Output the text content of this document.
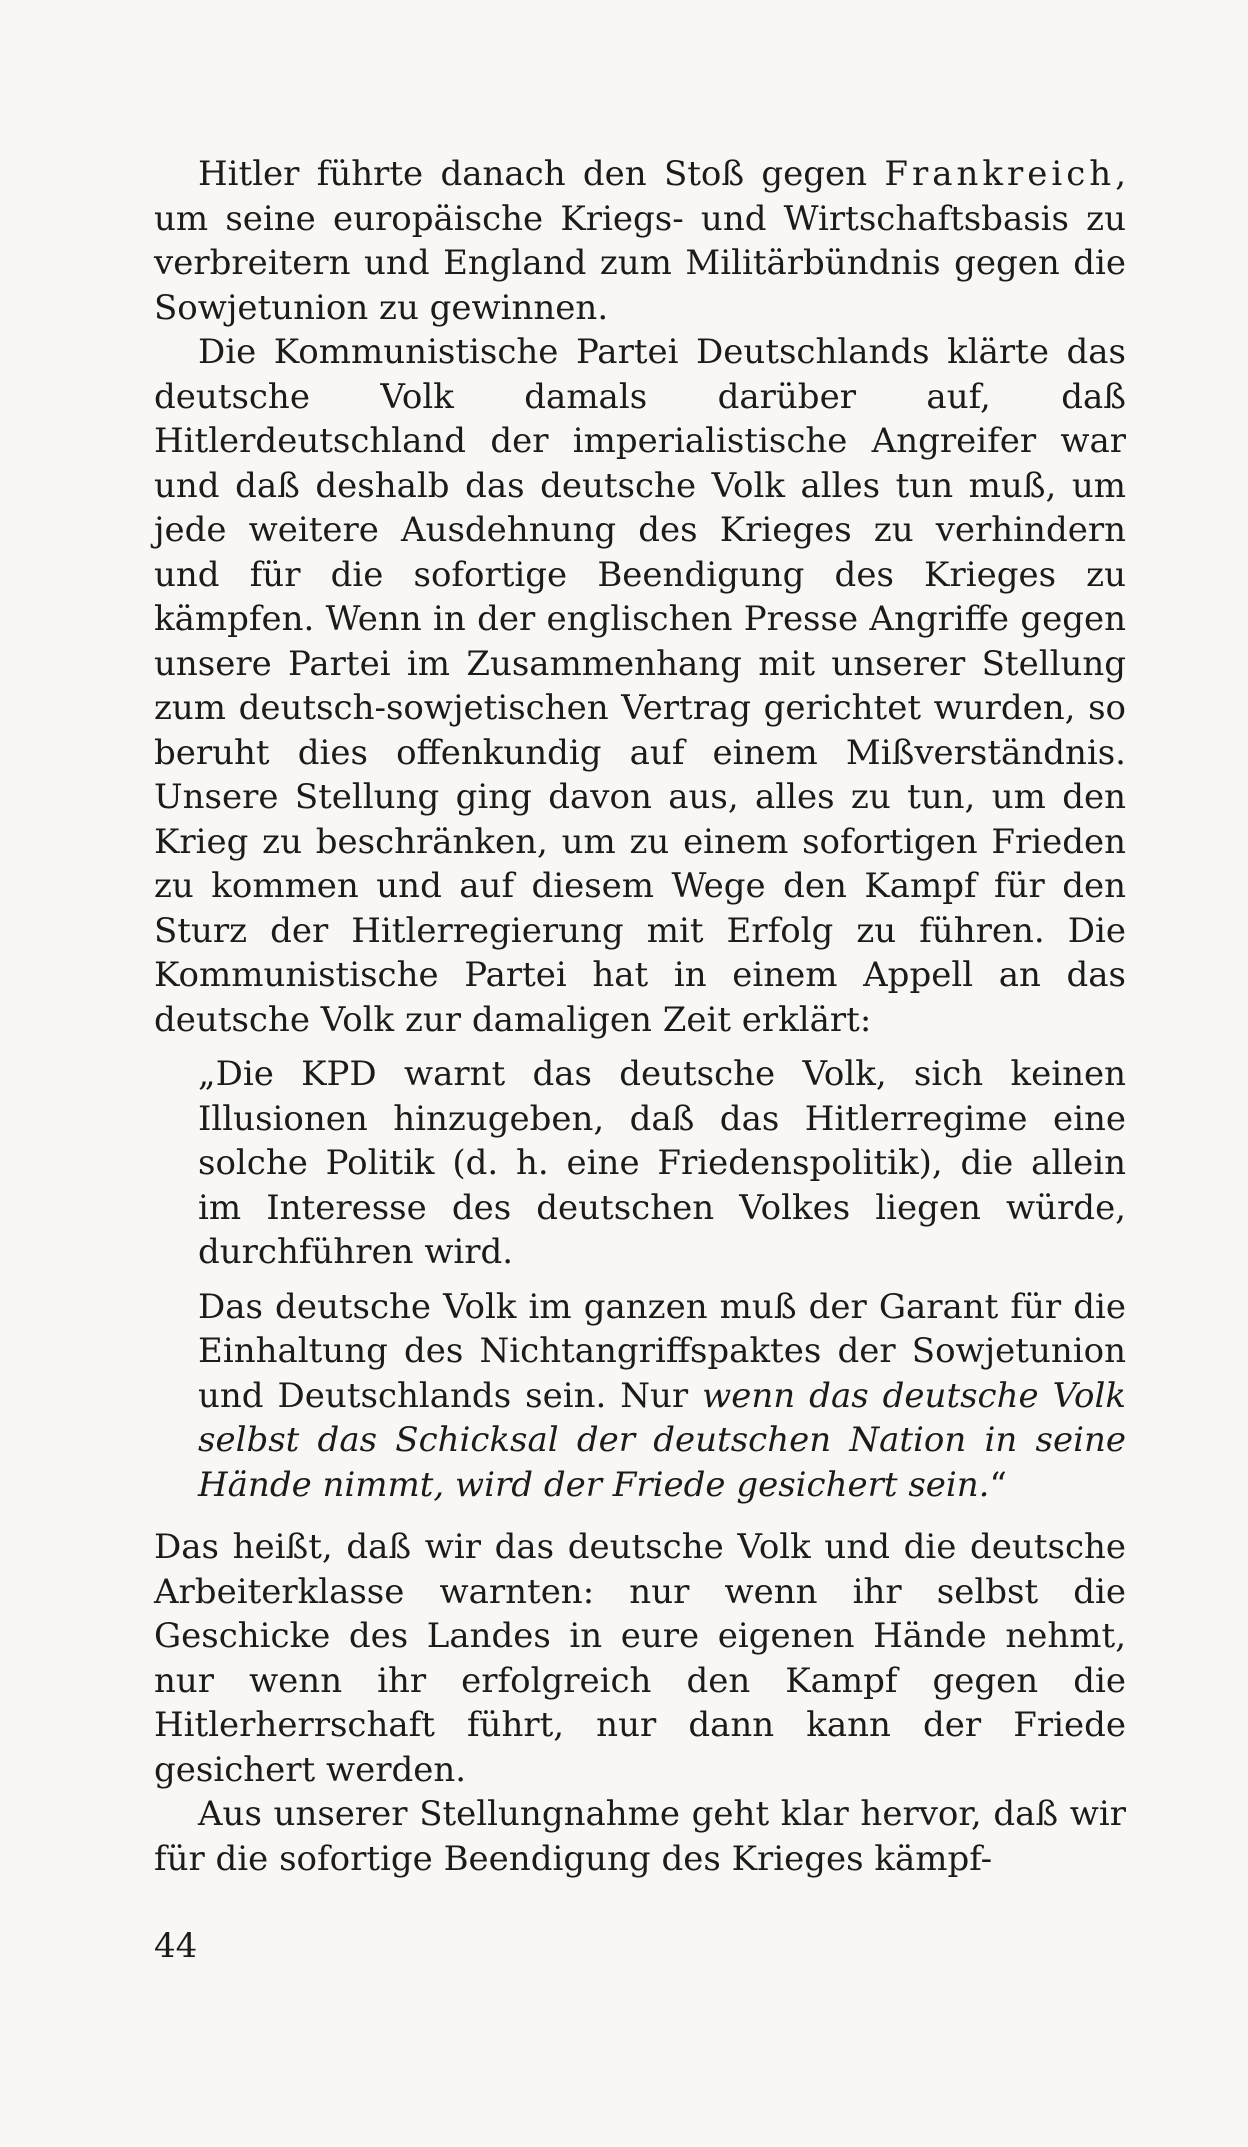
Hitler führte danach den Stoß gegen Frankreich, um seine europäische Kriegs- und Wirtschaftsbasis zu verbreitern und England zum Militärbündnis gegen die Sowjetunion zu gewinnen.

Die Kommunistische Partei Deutschlands klärte das deutsche Volk damals darüber auf, daß Hitlerdeutschland der imperialistische Angreifer war und daß deshalb das deutsche Volk alles tun muß, um jede weitere Ausdehnung des Krieges zu verhindern und für die sofortige Beendigung des Krieges zu kämpfen. Wenn in der englischen Presse Angriffe gegen unsere Partei im Zusammenhang mit unserer Stellung zum deutsch-sowjetischen Vertrag gerichtet wurden, so beruht dies offenkundig auf einem Mißverständnis. Unsere Stellung ging davon aus, alles zu tun, um den Krieg zu beschränken, um zu einem sofortigen Frieden zu kommen und auf diesem Wege den Kampf für den Sturz der Hitlerregierung mit Erfolg zu führen. Die Kommunistische Partei hat in einem Appell an das deutsche Volk zur damaligen Zeit erklärt:

„Die KPD warnt das deutsche Volk, sich keinen Illusionen hinzugeben, daß das Hitlerregime eine solche Politik (d. h. eine Friedenspolitik), die allein im Interesse des deutschen Volkes liegen würde, durchführen wird.

Das deutsche Volk im ganzen muß der Garant für die Einhaltung des Nichtangriffspaktes der Sowjetunion und Deutschlands sein. Nur wenn das deutsche Volk selbst das Schicksal der deutschen Nation in seine Hände nimmt, wird der Friede gesichert sein.“

Das heißt, daß wir das deutsche Volk und die deutsche Arbeiterklasse warnten: nur wenn ihr selbst die Geschicke des Landes in eure eigenen Hände nehmt, nur wenn ihr erfolgreich den Kampf gegen die Hitlerherrschaft führt, nur dann kann der Friede gesichert werden.

Aus unserer Stellungnahme geht klar hervor, daß wir für die sofortige Beendigung des Krieges kämpf-

44
